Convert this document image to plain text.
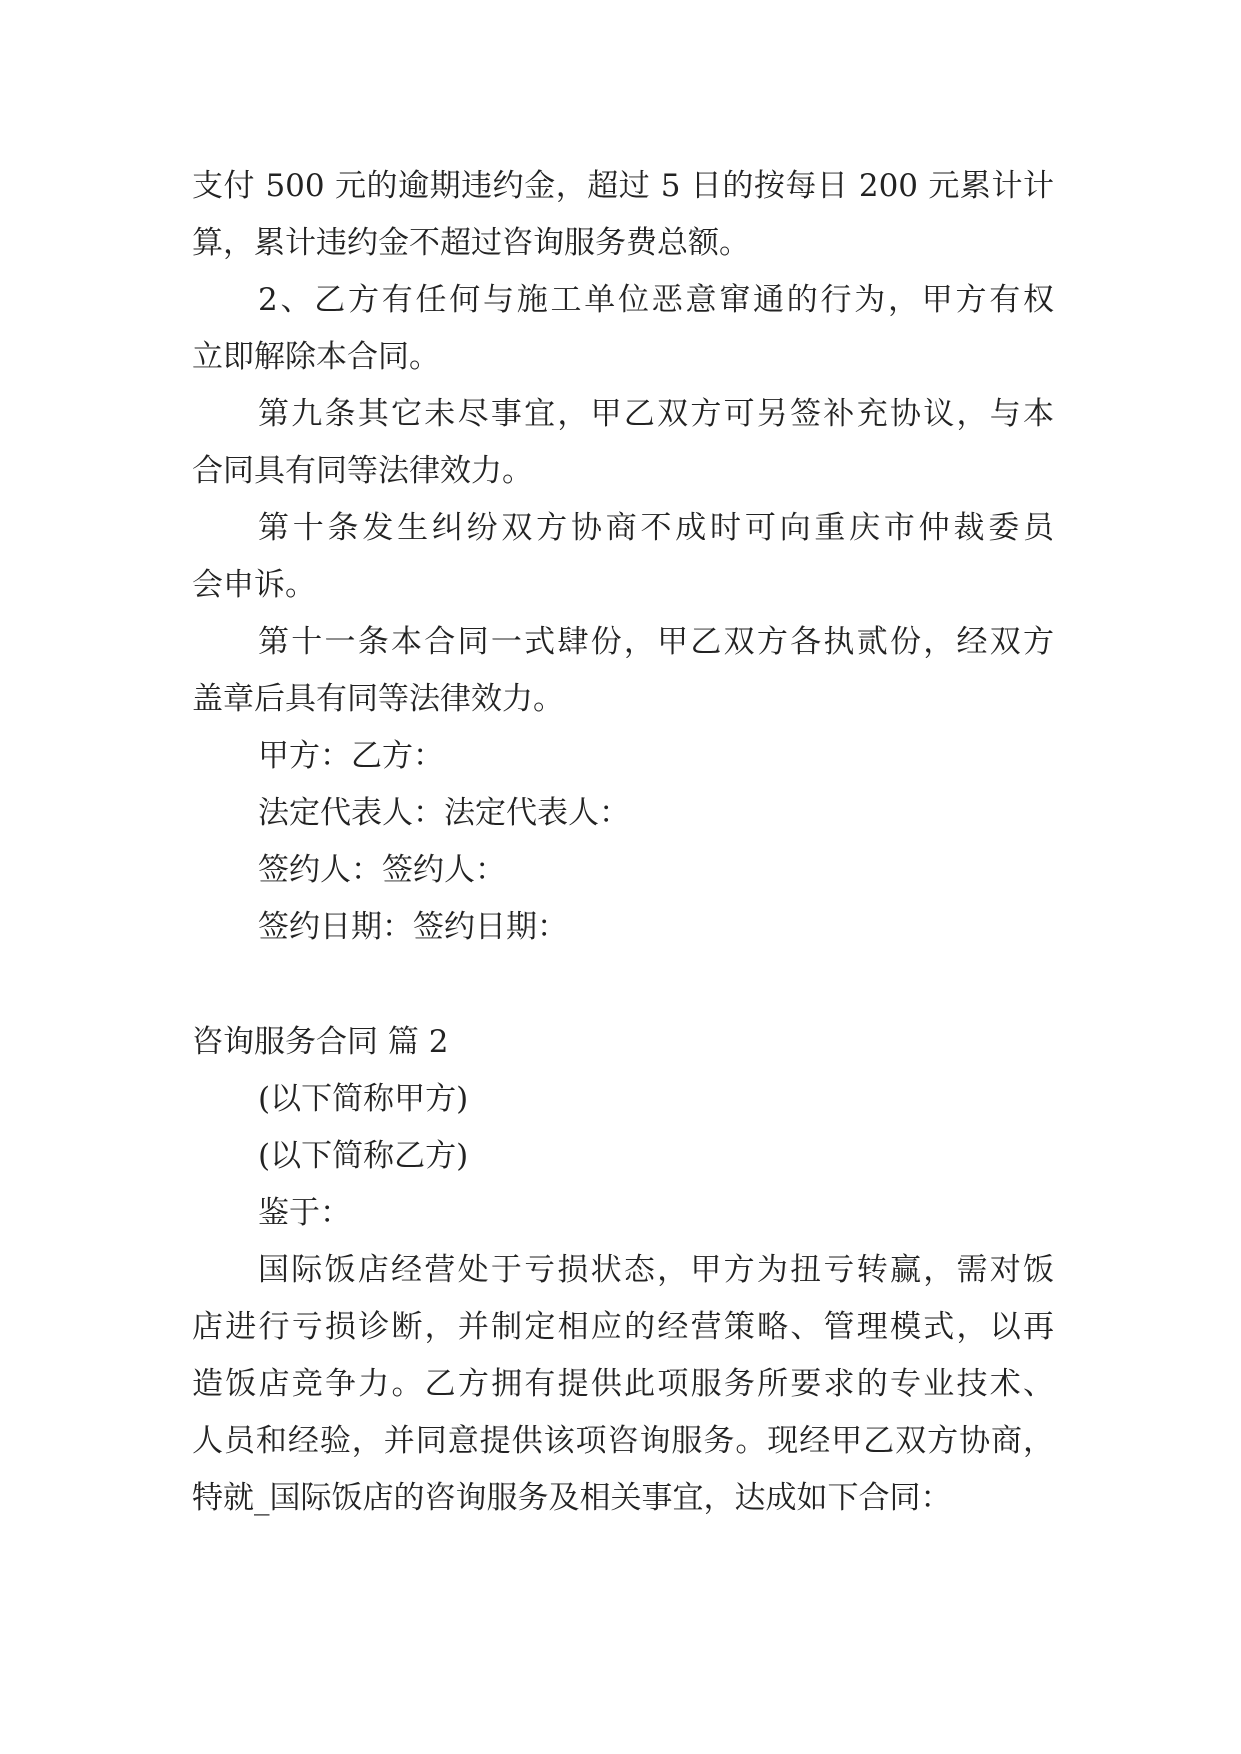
支付 500 元的逾期违约金，超过 5 日的按每日 200 元累计计
算，累计违约金不超过咨询服务费总额。
2、乙方有任何与施工单位恶意窜通的行为，甲方有权
立即解除本合同。
第九条其它未尽事宜，甲乙双方可另签补充协议，与本
合同具有同等法律效力。
第十条发生纠纷双方协商不成时可向重庆市仲裁委员
会申诉。
第十一条本合同一式肆份，甲乙双方各执贰份，经双方
盖章后具有同等法律效力。
甲方：乙方：
法定代表人：法定代表人：
签约人：签约人：
签约日期：签约日期：
咨询服务合同 篇 2
(以下简称甲方)
(以下简称乙方)
鉴于：
国际饭店经营处于亏损状态，甲方为扭亏转赢，需对饭
店进行亏损诊断，并制定相应的经营策略、管理模式，以再
造饭店竞争力。乙方拥有提供此项服务所要求的专业技术、
人员和经验，并同意提供该项咨询服务。现经甲乙双方协商，
特就_国际饭店的咨询服务及相关事宜，达成如下合同：
